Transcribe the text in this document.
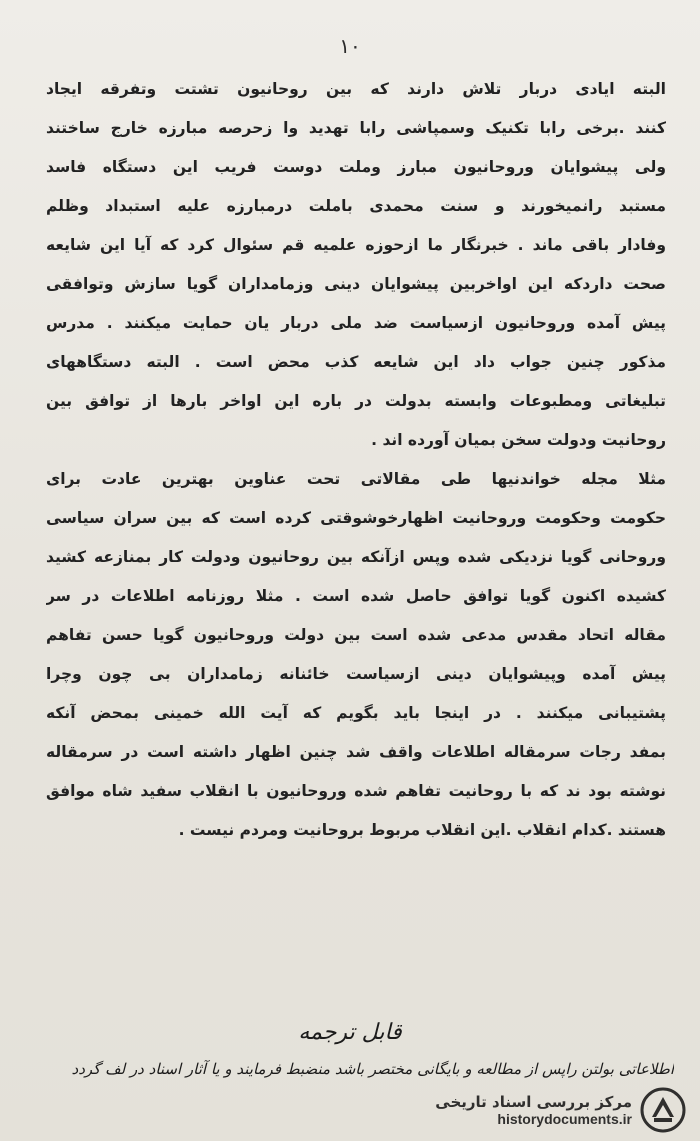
۱۰
البته ایادی دربار تلاش دارند که بین روحانیون تشتت وتفرقه ایجاد
کنند .برخی رابا تکنیک وسمپاشی رابا تهدید وا زحرصه مبارزه خارج ساختند
ولی پیشوایان وروحانیون مبارز وملت دوست فریب این دستگاه فاسد
مستبد رانمیخورند و سنت محمدی باملت درمبارزه علیه استبداد وظلم
وفادار باقی ماند . خبرنگار ما ازحوزه علمیه قم سئوال کرد که آیا این شایعه
صحت داردکه این اواخربین پیشوایان دینی وزمامداران گویا سازش وتوافقی
پیش آمده وروحانیون ازسیاست ضد ملی دربار یان حمایت میکنند . مدرس
مذکور چنین جواب داد این شایعه کذب محض است . البته دستگاههای
تبلیغاتی ومطبوعات وابسته بدولت در باره این اواخر بارها از توافق بین
روحانیت ودولت سخن بمیان آورده اند .
مثلا مجله خواندنیها طی مقالاتی تحت عناوین بهترین عادت برای
حکومت وحکومت وروحانیت اظهارخوشوقتی کرده است که بین سران سیاسی
وروحانی گویا نزدیکی شده وپس ازآنکه بین روحانیون ودولت کار بمنازعه کشید
کشیده اکنون گویا توافق حاصل شده است . مثلا روزنامه اطلاعات در سر
مقاله اتحاد مقدس مدعی شده است بین دولت وروحانیون گویا حسن تفاهم
پیش آمده وپیشوایان دینی ازسیاست خائنانه زمامداران بی چون وچرا
پشتیبانی میکنند . در اینجا باید بگویم که آیت الله خمینی بمحض آنکه
بمفد رجات سرمقاله اطلاعات واقف شد چنین اظهار داشته است در سرمقاله
نوشته بود ند که با روحانیت تفاهم شده وروحانیون با انقلاب سفید شاه موافق
هستند .کدام انقلاب .این انقلاب مربوط بروحانیت ومردم نیست .
قابل ترجمه
اطلاعاتی بولتن راپس از مطالعه و بایگانی مختصر باشد منضبط فرمایند و یا آثار اسناد در لف گردد
مرکز بررسی اسناد تاریخی
historydocuments.ir
